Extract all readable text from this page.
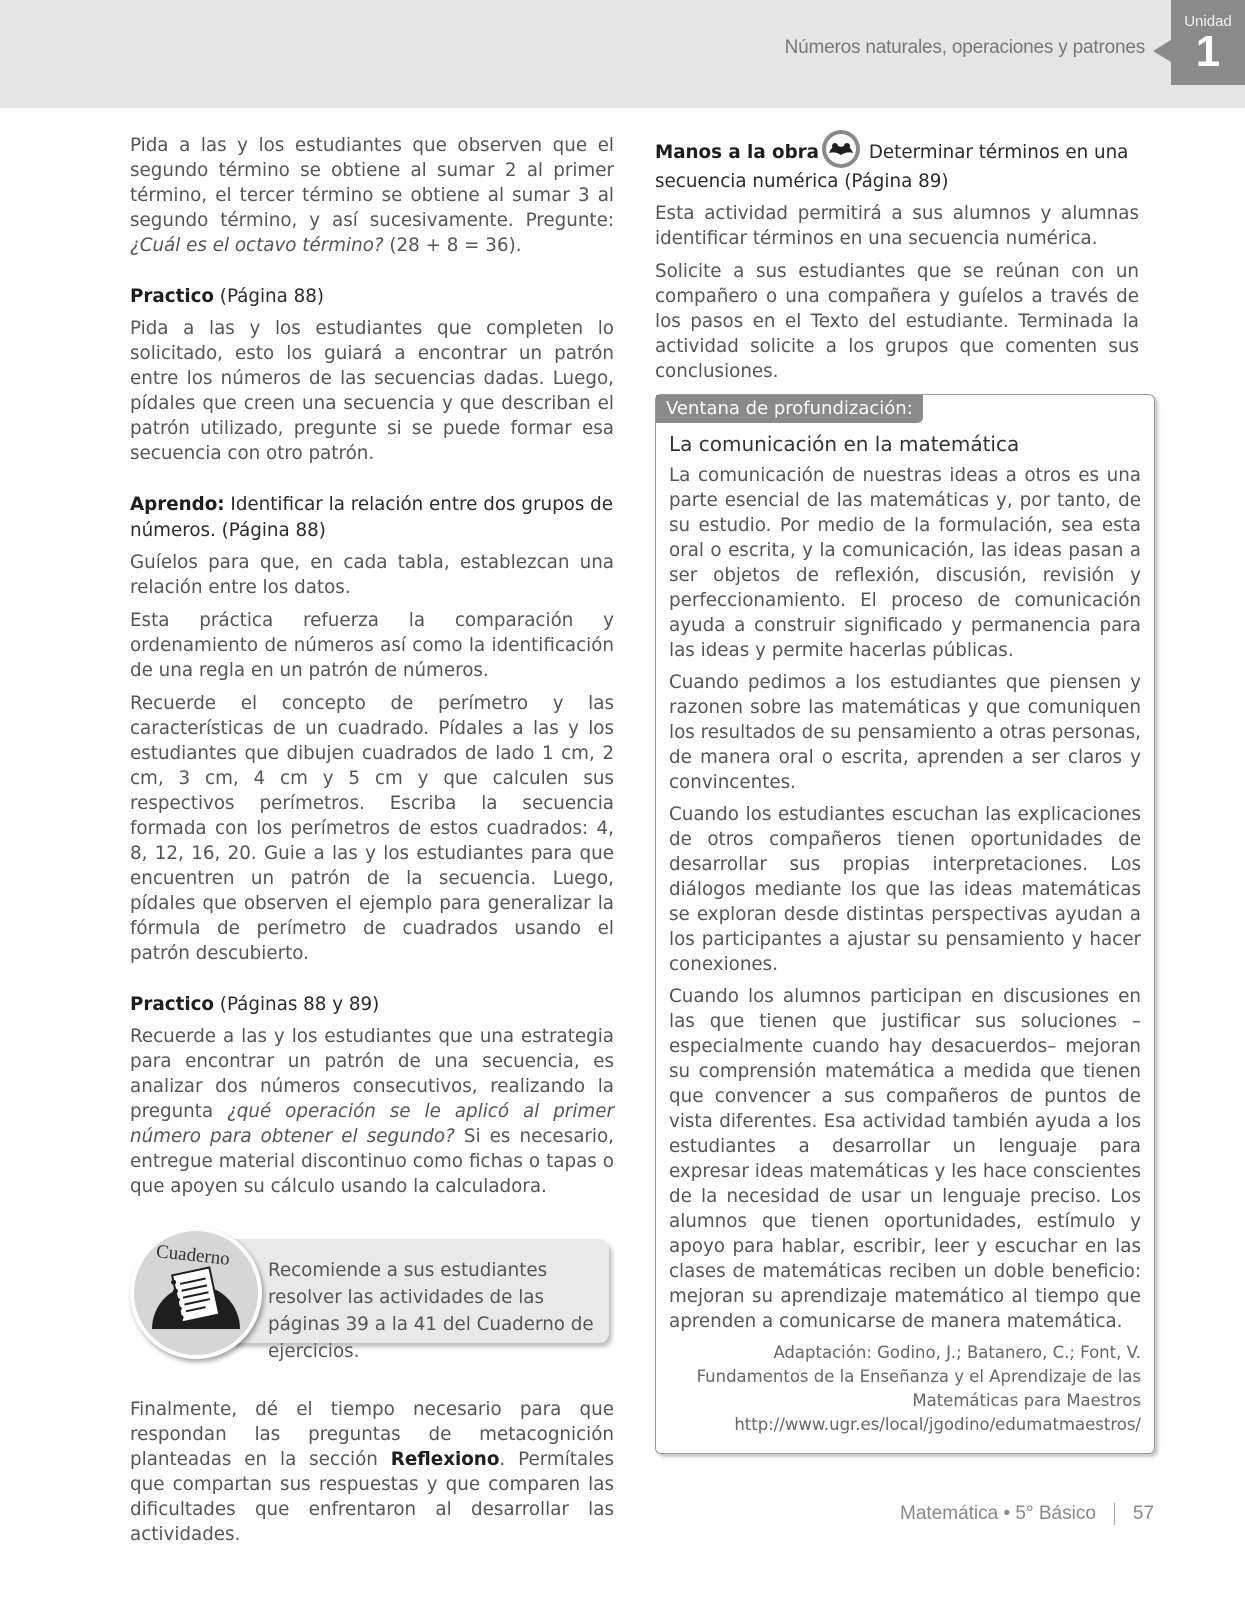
Números naturales, operaciones y patrones
Unidad
1

Pida a las y los estudiantes que observen que el segundo término se obtiene al sumar 2 al primer término, el tercer término se obtiene al sumar 3 al segundo término, y así sucesivamente. Pregunte: ¿Cuál es el octavo término? (28 + 8 = 36).

Practico (Página 88)

Pida a las y los estudiantes que completen lo solicitado, esto los guiará a encontrar un patrón entre los números de las secuencias dadas. Luego, pídales que creen una secuencia y que describan el patrón utilizado, pregunte si se puede formar esa secuencia con otro patrón.

Aprendo: Identificar la relación entre dos grupos de números. (Página 88)

Guíelos para que, en cada tabla, establezcan una relación entre los datos.

Esta práctica refuerza la comparación y ordenamiento de números así como la identificación de una regla en un patrón de números.

Recuerde el concepto de perímetro y las características de un cuadrado. Pídales a las y los estudiantes que dibujen cuadrados de lado 1 cm, 2 cm, 3 cm, 4 cm y 5 cm y que calculen sus respectivos perímetros. Escriba la secuencia formada con los perímetros de estos cuadrados: 4, 8, 12, 16, 20. Guie a las y los estudiantes para que encuentren un patrón de la secuencia. Luego, pídales que observen el ejemplo para generalizar la fórmula de perímetro de cuadrados usando el patrón descubierto.

Practico (Páginas 88 y 89)

Recuerde a las y los estudiantes que una estrategia para encontrar un patrón de una secuencia, es analizar dos números consecutivos, realizando la pregunta ¿qué operación se le aplicó al primer número para obtener el segundo? Si es necesario, entregue material discontinuo como fichas o tapas o que apoyen su cálculo usando la calculadora.

Recomiende a sus estudiantes resolver las actividades de las páginas 39 a la 41 del Cuaderno de ejercicios.
Cuaderno

Finalmente, dé el tiempo necesario para que respondan las preguntas de metacognición planteadas en la sección Reflexiono. Permítales que compartan sus respuestas y que comparen las dificultades que enfrentaron al desarrollar las actividades.

Manos a la obra Determinar términos en una secuencia numérica (Página 89)

Esta actividad permitirá a sus alumnos y alumnas identificar términos en una secuencia numérica.

Solicite a sus estudiantes que se reúnan con un compañero o una compañera y guíelos a través de los pasos en el Texto del estudiante. Terminada la actividad solicite a los grupos que comenten sus conclusiones.

Ventana de profundización:
La comunicación en la matemática

La comunicación de nuestras ideas a otros es una parte esencial de las matemáticas y, por tanto, de su estudio. Por medio de la formulación, sea esta oral o escrita, y la comunicación, las ideas pasan a ser objetos de reflexión, discusión, revisión y perfeccionamiento. El proceso de comunicación ayuda a construir significado y permanencia para las ideas y permite hacerlas públicas.

Cuando pedimos a los estudiantes que piensen y razonen sobre las matemáticas y que comuniquen los resultados de su pensamiento a otras personas, de manera oral o escrita, aprenden a ser claros y convincentes.

Cuando los estudiantes escuchan las explicaciones de otros compañeros tienen oportunidades de desarrollar sus propias interpretaciones. Los diálogos mediante los que las ideas matemáticas se exploran desde distintas perspectivas ayudan a los participantes a ajustar su pensamiento y hacer conexiones.

Cuando los alumnos participan en discusiones en las que tienen que justificar sus soluciones –especialmente cuando hay desacuerdos– mejoran su comprensión matemática a medida que tienen que convencer a sus compañeros de puntos de vista diferentes. Esa actividad también ayuda a los estudiantes a desarrollar un lenguaje para expresar ideas matemáticas y les hace conscientes de la necesidad de usar un lenguaje preciso. Los alumnos que tienen oportunidades, estímulo y apoyo para hablar, escribir, leer y escuchar en las clases de matemáticas reciben un doble beneficio: mejoran su aprendizaje matemático al tiempo que aprenden a comunicarse de manera matemática.

Adaptación: Godino, J.; Batanero, C.; Font, V.
Fundamentos de la Enseñanza y el Aprendizaje de las
Matemáticas para Maestros
http://www.ugr.es/local/jgodino/edumatmaestros/
Matemática • 5° Básico 57
